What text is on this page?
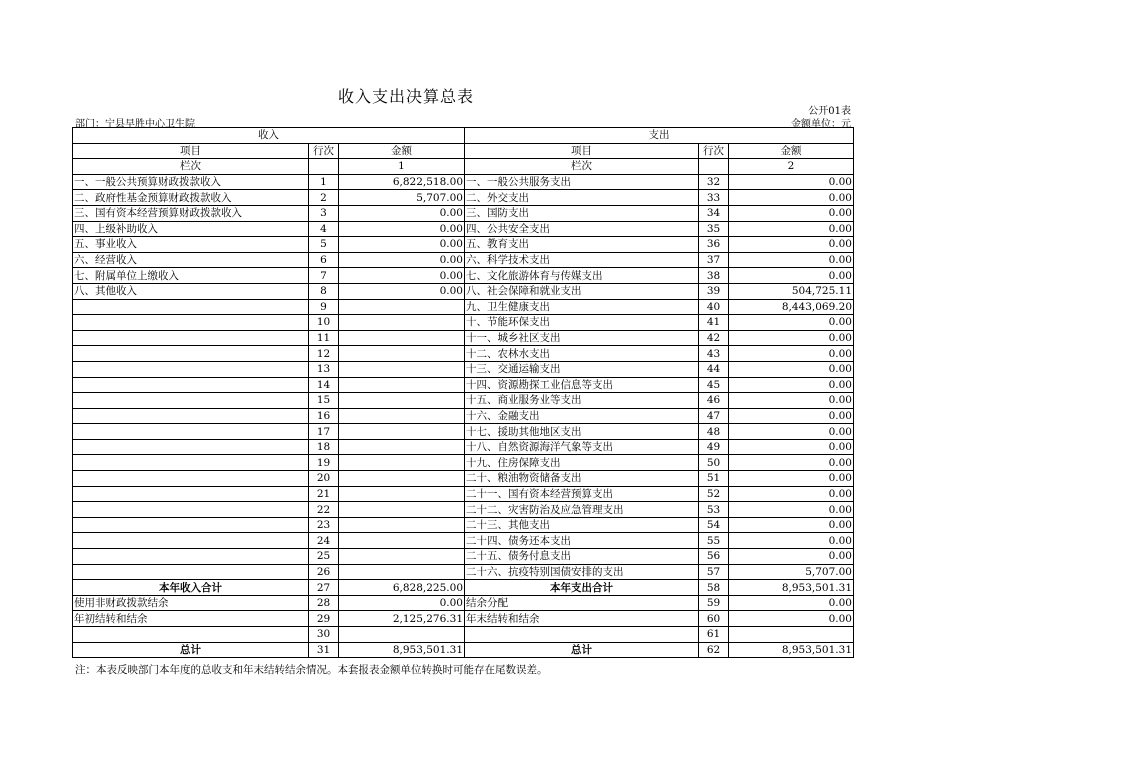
收入支出决算总表
公开01表
部门：宁县早胜中心卫生院	金额单位：元
收入			支出		
项目	行次	金额	项目	行次	金额
栏次		1	栏次		2
一、一般公共预算财政拨款收入	1	6,822,518.00	一、一般公共服务支出	32	0.00
二、政府性基金预算财政拨款收入	2	5,707.00	二、外交支出	33	0.00
三、国有资本经营预算财政拨款收入	3	0.00	三、国防支出	34	0.00
四、上级补助收入	4	0.00	四、公共安全支出	35	0.00
五、事业收入	5	0.00	五、教育支出	36	0.00
六、经营收入	6	0.00	六、科学技术支出	37	0.00
七、附属单位上缴收入	7	0.00	七、文化旅游体育与传媒支出	38	0.00
八、其他收入	8	0.00	八、社会保障和就业支出	39	504,725.11
	9		九、卫生健康支出	40	8,443,069.20
	10		十、节能环保支出	41	0.00
	11		十一、城乡社区支出	42	0.00
	12		十二、农林水支出	43	0.00
	13		十三、交通运输支出	44	0.00
	14		十四、资源勘探工业信息等支出	45	0.00
	15		十五、商业服务业等支出	46	0.00
	16		十六、金融支出	47	0.00
	17		十七、援助其他地区支出	48	0.00
	18		十八、自然资源海洋气象等支出	49	0.00
	19		十九、住房保障支出	50	0.00
	20		二十、粮油物资储备支出	51	0.00
	21		二十一、国有资本经营预算支出	52	0.00
	22		二十二、灾害防治及应急管理支出	53	0.00
	23		二十三、其他支出	54	0.00
	24		二十四、债务还本支出	55	0.00
	25		二十五、债务付息支出	56	0.00
	26		二十六、抗疫特别国债安排的支出	57	5,707.00
本年收入合计	27	6,828,225.00	本年支出合计	58	8,953,501.31
使用非财政拨款结余	28	0.00	结余分配	59	0.00
年初结转和结余	29	2,125,276.31	年末结转和结余	60	0.00
	30			61	
总计	31	8,953,501.31	总计	62	8,953,501.31
注：本表反映部门本年度的总收支和年末结转结余情况。本套报表金额单位转换时可能存在尾数误差。
